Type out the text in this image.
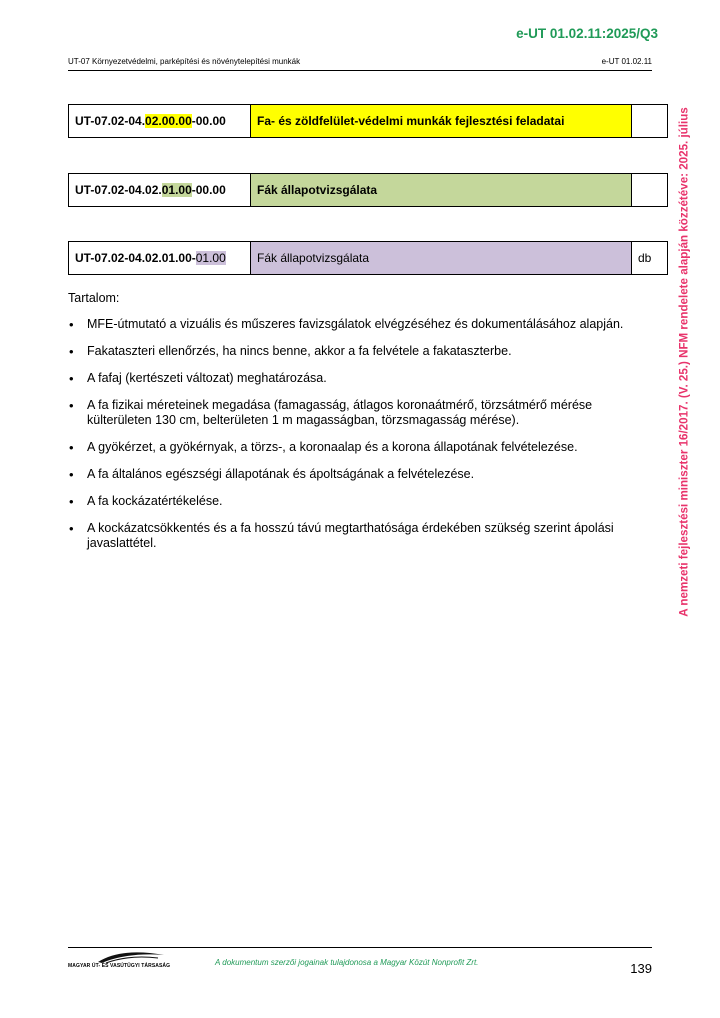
e-UT 01.02.11:2025/Q3
UT-07 Környezetvédelmi, parképítési és növénytelepítési munkák	e-UT 01.02.11
UT-07.02-04. 02.00.00 -00.00	Fa- és zöldfelület-védelmi munkák fejlesztési feladatai
UT-07.02-04.02. 01.00 -00.00	Fák állapotvizsgálata
UT-07.02-04.02.01.00- 01.00	Fák állapotvizsgálata	db
Tartalom:
• MFE-útmutató a vizuális és műszeres favizsgálatok elvégzéséhez és dokumentálásához alapján.
• Fakataszteri ellenőrzés, ha nincs benne, akkor a fa felvétele a fakataszterbe.
• A fafaj (kertészeti változat) meghatározása.
• A fa fizikai méreteinek megadása (famagasság, átlagos koronaátmérő, törzsátmérő mérése külterületen 130 cm, belterületen 1 m magasságban, törzsmagasság mérése).
• A gyökérzet, a gyökérnyak, a törzs-, a koronaalap és a korona állapotának felvételezése.
• A fa általános egészségi állapotának és ápoltságának a felvételezése.
• A fa kockázatértékelése.
• A kockázatcsökkentés és a fa hosszú távú megtarthatósága érdekében szükség szerint ápolási javaslattétel.	A nemzeti fejlesztési miniszter 16/2017. (V. 25.) NFM rendelete alapján közzétéve: 2025. július
MAGYAR ÚT- ÉS VASÚTÜGYI TÁRSASÁG	A dokumentum szerzői jogainak tulajdonosa a Magyar Közút Nonprofit Zrt.	139
